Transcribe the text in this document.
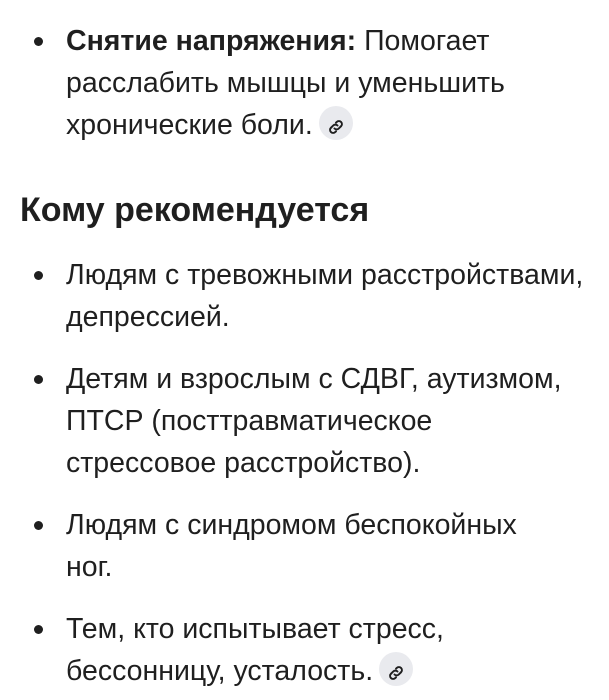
Снятие напряжения: Помогает расслабить мышцы и уменьшить хронические боли.
Кому рекомендуется
Людям с тревожными расстройствами, депрессией.
Детям и взрослым с СДВГ, аутизмом, ПТСР (посттравматическое стрессовое расстройство).
Людям с синдромом беспокойных ног.
Тем, кто испытывает стресс, бессонницу, усталость.
